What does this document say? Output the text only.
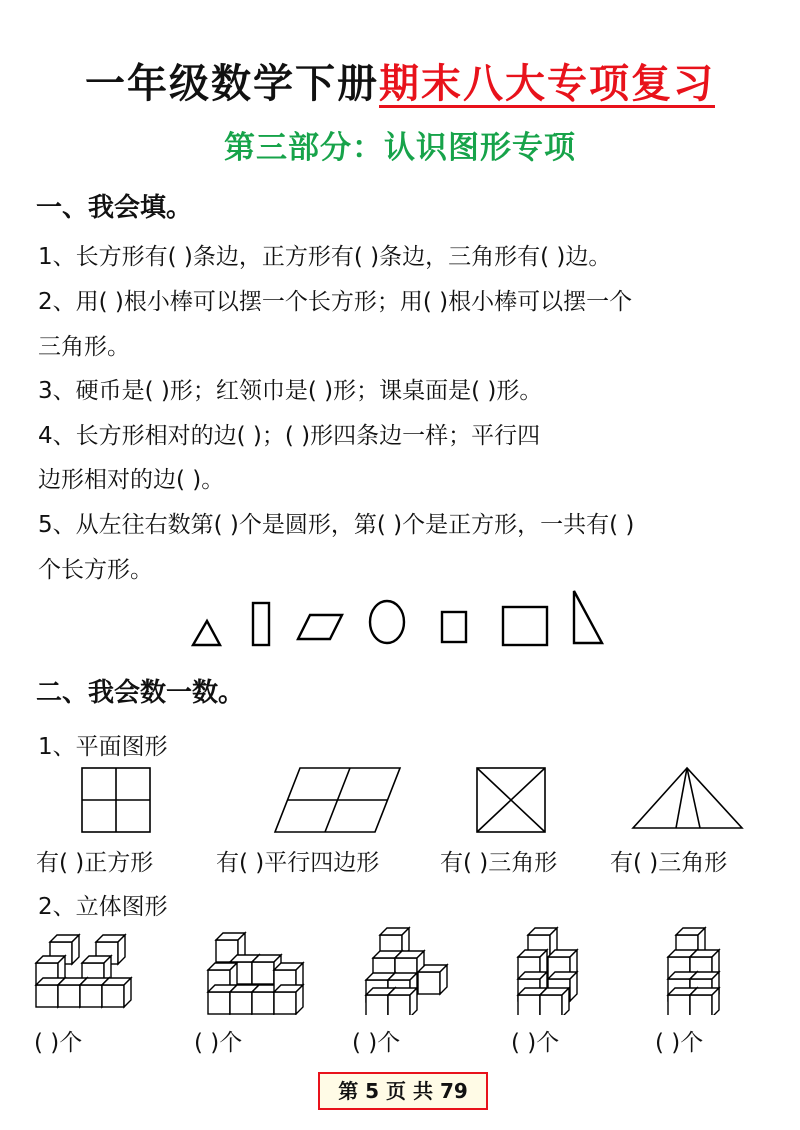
一年级数学下册期末八大专项复习
第三部分：认识图形专项
一、我会填。
1、长方形有( )条边，正方形有( )条边，三角形有( )边。
2、用( )根小棒可以摆一个长方形；用( )根小棒可以摆一个
三角形。
3、硬币是( )形；红领巾是( )形；课桌面是( )形。
4、长方形相对的边( )；( )形四条边一样；平行四
边形相对的边( )。
5、从左往右数第( )个是圆形，第( )个是正方形，一共有( )
个长方形。
二、我会数一数。
1、平面图形
有( )正方形	有( )平行四边形	有( )三角形 有( )三角形
2、立体图形
( )个	( )个	( )个	( )个	( )个
第 5 页 共 79
